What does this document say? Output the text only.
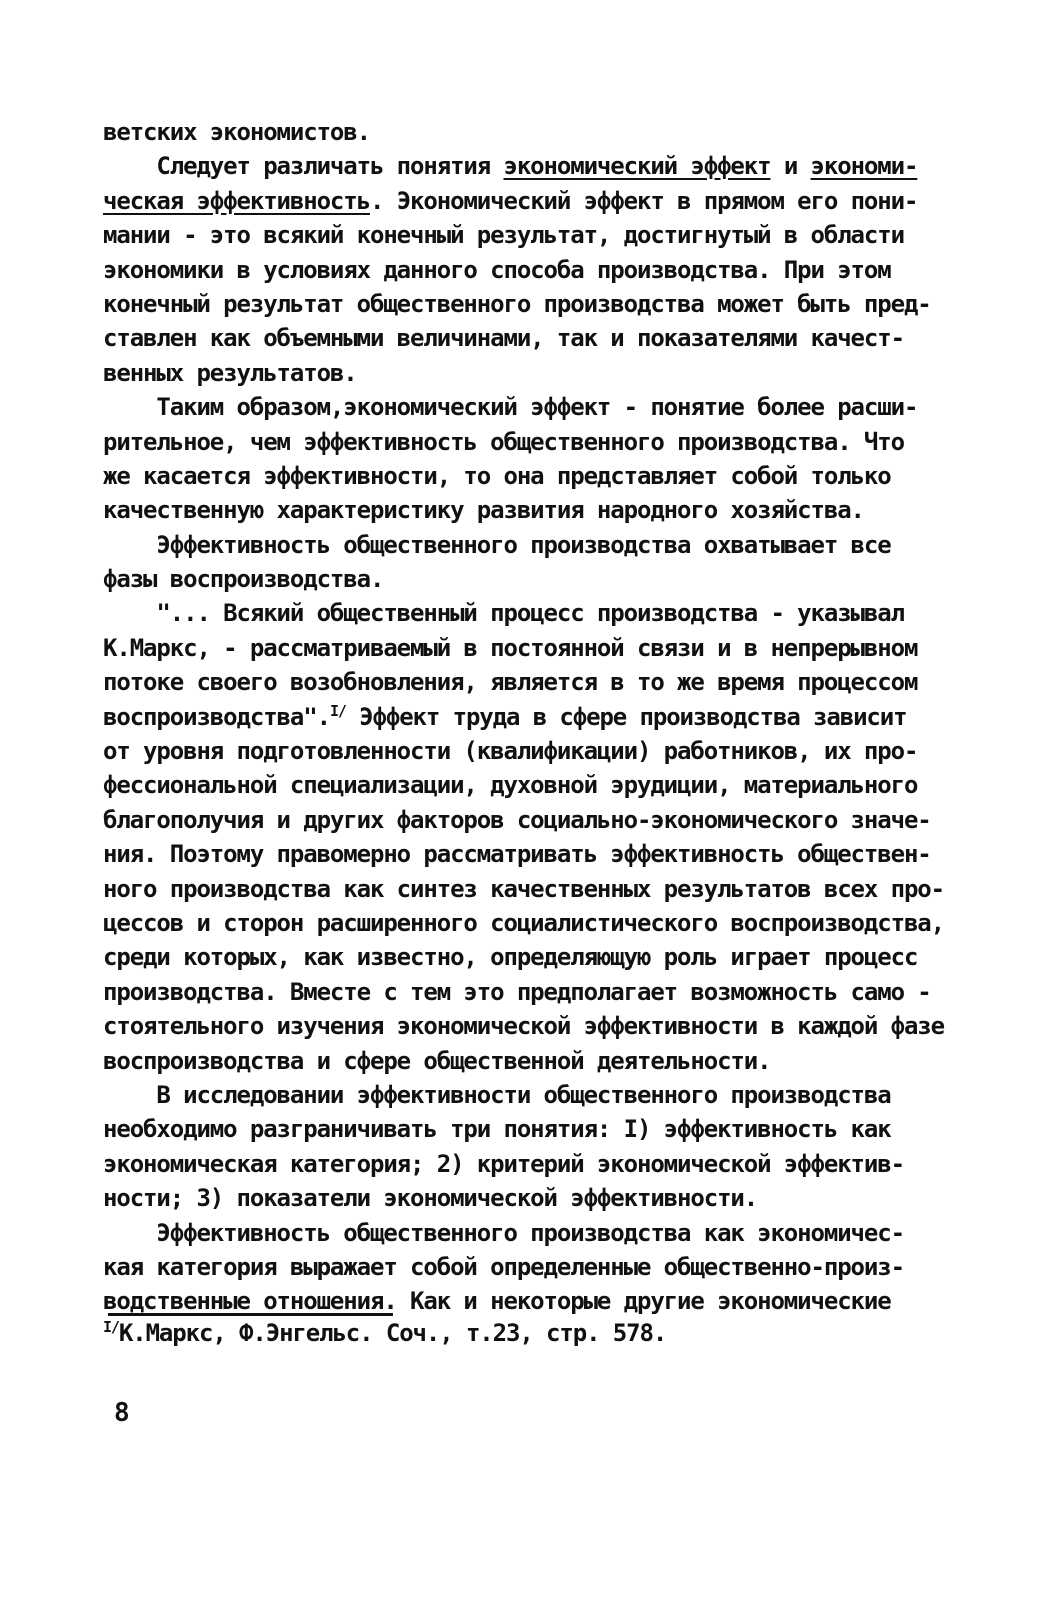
ветских экономистов.
Следует различать понятия экономический эффект и экономи-
ческая эффективность. Экономический эффект в прямом его пони-
мании - это всякий конечный результат, достигнутый в области
экономики в условиях данного способа производства. При этом
конечный результат общественного производства может быть пред-
ставлен как объемными величинами, так и показателями качест-
венных результатов.
Таким образом,экономический эффект - понятие более расши-
рительное, чем эффективность общественного производства. Что
же касается эффективности, то она представляет собой только
качественную характеристику развития народного хозяйства.
Эффективность общественного производства охватывает все
фазы воспроизводства.
"... Всякий общественный процесс производства - указывал
К.Маркс, - рассматриваемый в постоянной связи и в непрерывном
потоке своего возобновления, является в то же время процессом
воспроизводства".$^{I/}$ Эффект труда в сфере производства зависит
от уровня подготовленности (квалификации) работников, их про-
фессиональной специализации, духовной эрудиции, материального
благополучия и других факторов социально-экономического значе-
ния. Поэтому правомерно рассматривать эффективность обществен-
ного производства как синтез качественных результатов всех про-
цессов и сторон расширенного социалистического воспроизводства,
среди которых, как известно, определяющую роль играет процесс
производства. Вместе с тем это предполагает возможность само -
стоятельного изучения экономической эффективности в каждой фазе
воспроизводства и сфере общественной деятельности.
В исследовании эффективности общественного производства
необходимо разграничивать три понятия: I) эффективность как
экономическая категория; 2) критерий экономической эффектив-
ности; 3) показатели экономической эффективности.
Эффективность общественного производства как экономичес-
кая категория выражает собой определенные общественно-произ-
водственные отношения. Как и некоторые другие экономические
$^{I/}$К.Маркс, Ф.Энгельс. Соч., т.23, стр. 578.
8
